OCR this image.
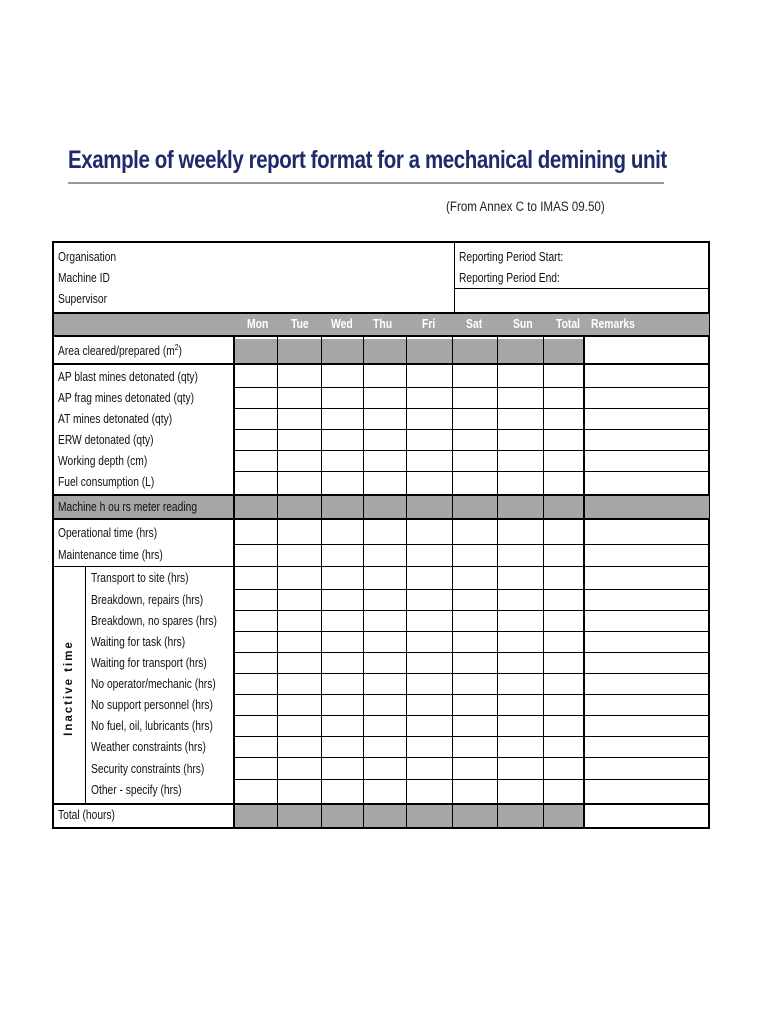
Example of weekly report format for a mechanical demining unit
(From Annex C to IMAS 09.50)
Organisation
Machine ID
Supervisor
Reporting Period Start:
Reporting Period End:
Mon Tue Wed Thu Fri Sat Sun Total Remarks
Area cleared/prepared $(m^2)$
AP blast mines detonated (qty)
AP frag mines detonated (qty)
AT mines detonated (qty)
ERW detonated (qty)
Working depth (cm)
Fuel consumption (L)
Machine h ou rs meter reading
Operational time (hrs)
Maintenance time (hrs)
Inactive time
Transport to site (hrs)
Breakdown, repairs (hrs)
Breakdown, no spares (hrs)
Waiting for task (hrs)
Waiting for transport (hrs)
No operator/mechanic (hrs)
No support personnel (hrs)
No fuel, oil, lubricants (hrs)
Weather constraints (hrs)
Security constraints (hrs)
Other - specify (hrs)
Total (hours)
